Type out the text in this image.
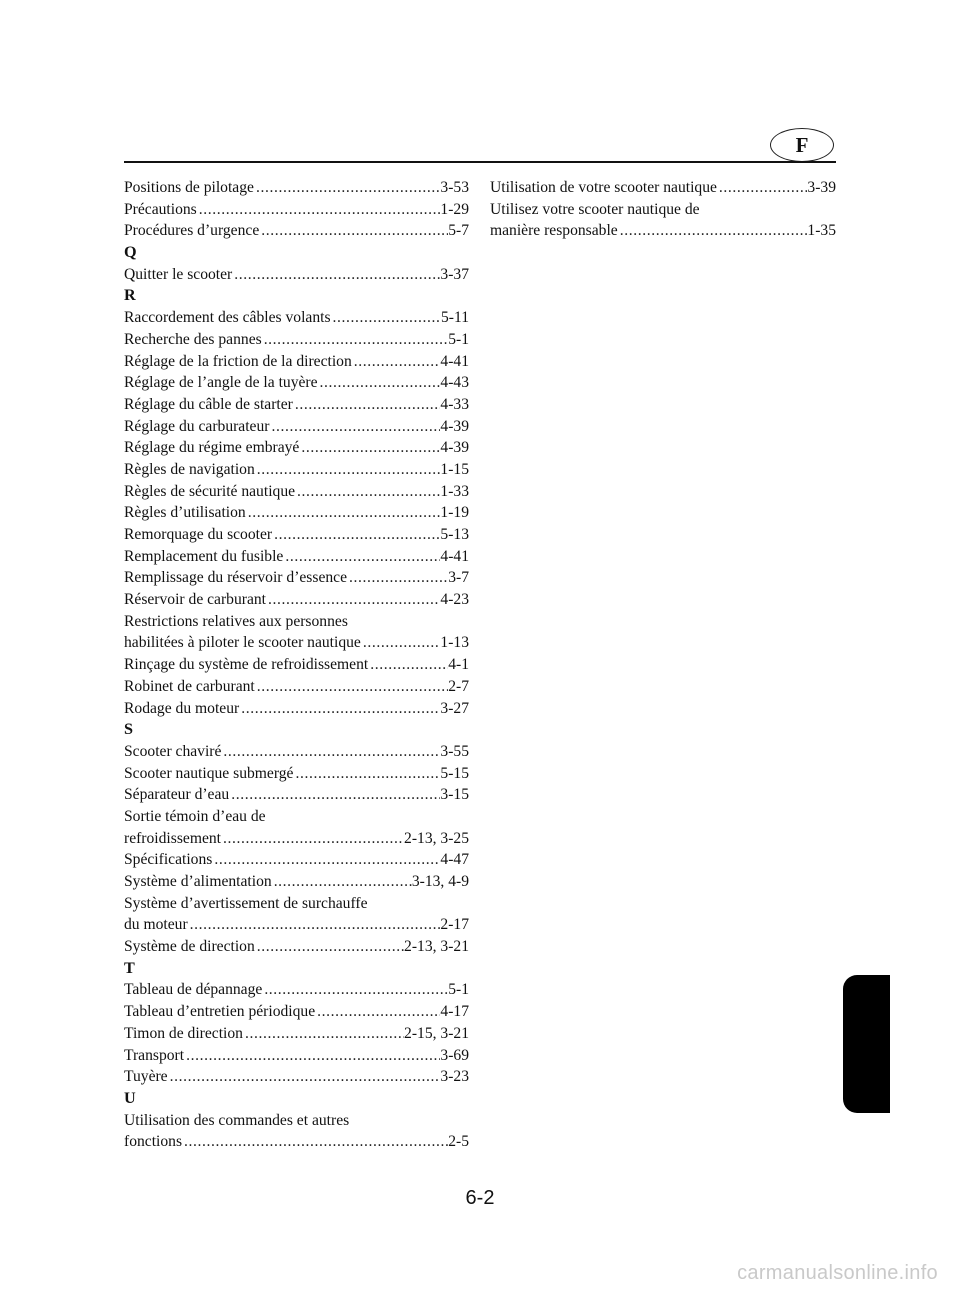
F
Positions de pilotage .....	3-53
Précautions .....	1-29
Procédures d’urgence .....	5-7
Q
Quitter le scooter .....	3-37
R
Raccordement des câbles volants .....	5-11
Recherche des pannes .....	5-1
Réglage de la friction de la direction .....	4-41
Réglage de l’angle de la tuyère .....	4-43
Réglage du câble de starter .....	4-33
Réglage du carburateur .....	4-39
Réglage du régime embrayé .....	4-39
Règles de navigation .....	1-15
Règles de sécurité nautique .....	1-33
Règles d’utilisation .....	1-19
Remorquage du scooter .....	5-13
Remplacement du fusible .....	4-41
Remplissage du réservoir d’essence .....	3-7
Réservoir de carburant .....	4-23
Restrictions relatives aux personnes
habilitées à piloter le scooter nautique .....	1-13
Rinçage du système de refroidissement .....	4-1
Robinet de carburant .....	2-7
Rodage du moteur .....	3-27
S
Scooter chaviré .....	3-55
Scooter nautique submergé .....	5-15
Séparateur d’eau .....	3-15
Sortie témoin d’eau de
refroidissement .....	2-13, 3-25
Spécifications .....	4-47
Système d’alimentation .....	3-13, 4-9
Système d’avertissement de surchauffe
du moteur .....	2-17
Système de direction .....	2-13, 3-21
T
Tableau de dépannage .....	5-1
Tableau d’entretien périodique .....	4-17
Timon de direction .....	2-15, 3-21
Transport .....	3-69
Tuyère .....	3-23
U
Utilisation des commandes et autres
fonctions .....	2-5
Utilisation de votre scooter nautique .....	3-39
Utilisez votre scooter nautique de
manière responsable .....	1-35
6-2
carmanualsonline.info
